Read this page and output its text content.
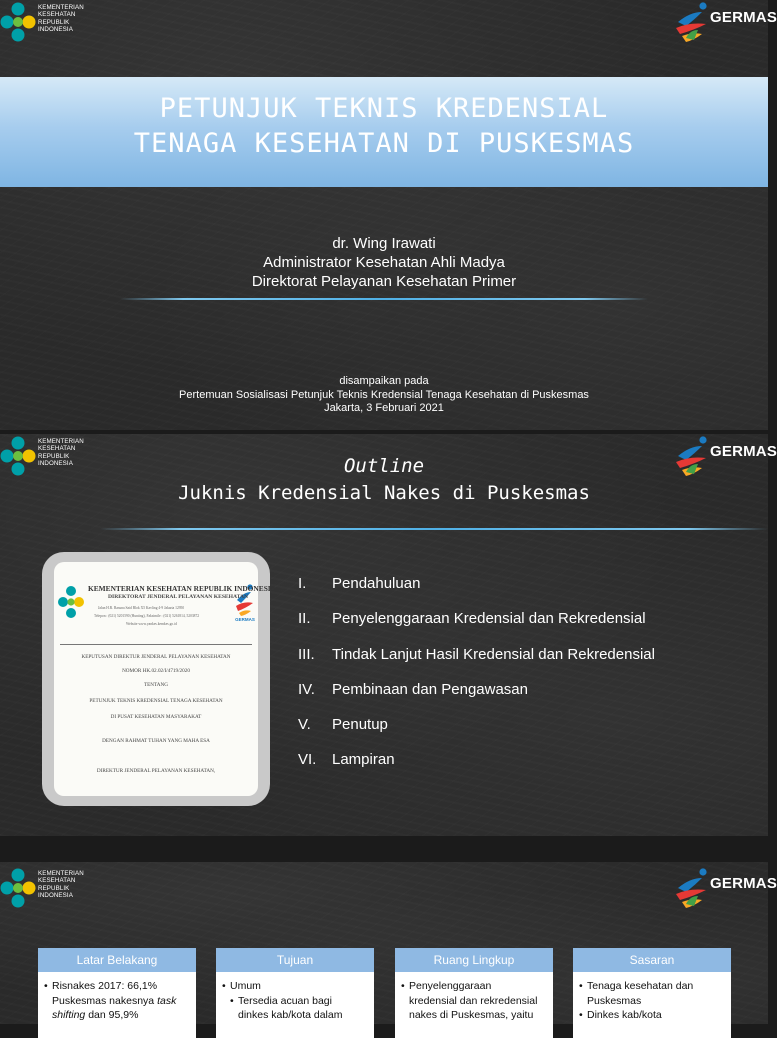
KEMENTERIAN
KESEHATAN
REPUBLIK
INDONESIA
GERMAS
PETUNJUK TEKNIS KREDENSIAL
TENAGA KESEHATAN DI PUSKESMAS
dr. Wing Irawati
Administrator Kesehatan Ahli Madya
Direktorat Pelayanan Kesehatan Primer
disampaikan pada
Pertemuan Sosialisasi Petunjuk Teknis Kredensial Tenaga Kesehatan di Puskesmas
Jakarta, 3 Februari 2021
KEMENTERIAN
KESEHATAN
REPUBLIK
INDONESIA
GERMAS
Outline
Juknis Kredensial Nakes di Puskesmas
GERMAS
KEMENTERIAN KESEHATAN REPUBLIK INDONESIA
DIREKTORAT JENDERAL PELAYANAN KESEHATAN
Jalan H.R. Rasuna Said Blok X5 Kavling 4-9 Jakarta 12950
Telepon : (021) 5201590 (Hunting), Faksimile : (021) 5261814, 5203872
Website www.yankes.kemkes.go.id
KEPUTUSAN DIREKTUR JENDERAL PELAYANAN KESEHATAN
NOMOR HK.02.02/I/4719/2020
TENTANG
PETUNJUK TEKNIS KREDENSIAL TENAGA KESEHATAN
DI PUSAT KESEHATAN MASYARAKAT
DENGAN RAHMAT TUHAN YANG MAHA ESA
DIREKTUR JENDERAL PELAYANAN KESEHATAN,
I.	Pendahuluan
II.	Penyelenggaraan Kredensial dan Rekredensial
III.	Tindak Lanjut Hasil Kredensial dan Rekredensial
IV.	Pembinaan dan Pengawasan
V.	Penutup
VI.	Lampiran
KEMENTERIAN
KESEHATAN
REPUBLIK
INDONESIA
GERMAS
Latar Belakang
• Risnakes 2017: 66,1%
Puskesmas nakesnya task
shifting dan 95,9%
Tujuan
• Umum
• Tersedia acuan bagi
dinkes kab/kota dalam
Ruang Lingkup
• Penyelenggaraan
kredensial dan rekredensial
nakes di Puskesmas, yaitu
Sasaran
• Tenaga kesehatan dan
Puskesmas
• Dinkes kab/kota
